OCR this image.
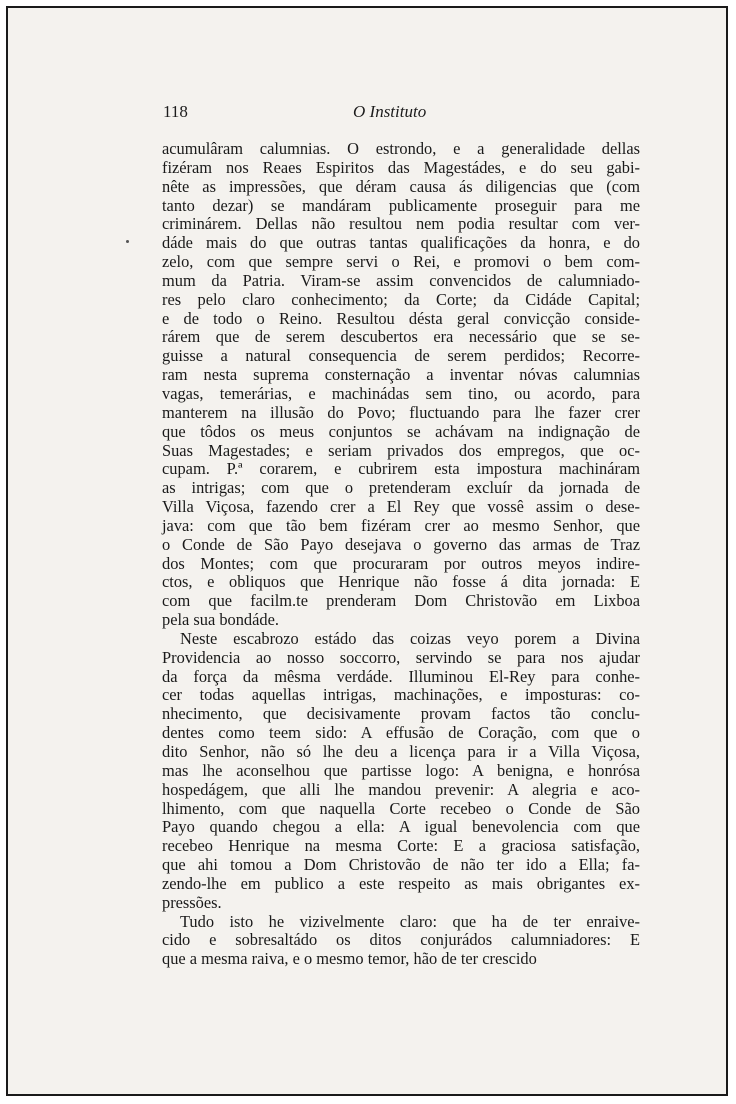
118	O Instituto
acumulâram calumnias. O estrondo, e a generalidade dellas
fizéram nos Reaes Espiritos das Magestádes, e do seu gabi-
nête as impressões, que déram causa ás diligencias que (com
tanto dezar) se mandáram publicamente proseguir para me
criminárem. Dellas não resultou nem podia resultar com ver-
dáde mais do que outras tantas qualificações da honra, e do
zelo, com que sempre servi o Rei, e promovi o bem com-
mum da Patria. Viram-se assim convencidos de calumniado-
res pelo claro conhecimento; da Corte; da Cidáde Capital;
e de todo o Reino. Resultou désta geral convicção conside-
rárem que de serem descubertos era necessário que se se-
guisse a natural consequencia de serem perdidos; Recorre-
ram nesta suprema consternação a inventar nóvas calumnias
vagas, temerárias, e machinádas sem tino, ou acordo, para
manterem na illusão do Povo; fluctuando para lhe fazer crer
que tôdos os meus conjuntos se achávam na indignação de
Suas Magestades; e seriam privados dos empregos, que oc-
cupam. P.ª corarem, e cubrirem esta impostura machináram
as intrigas; com que o pretenderam excluír da jornada de
Villa Viçosa, fazendo crer a El Rey que vossê assim o dese-
java: com que tão bem fizéram crer ao mesmo Senhor, que
o Conde de São Payo desejava o governo das armas de Traz
dos Montes; com que procuraram por outros meyos indire-
ctos, e obliquos que Henrique não fosse á dita jornada: E
com que facilm.te prenderam Dom Christovão em Lixboa
pela sua bondáde.
Neste escabrozo estádo das coizas veyo porem a Divina
Providencia ao nosso soccorro, servindo se para nos ajudar
da força da mêsma verdáde. Illuminou El-Rey para conhe-
cer todas aquellas intrigas, machinações, e imposturas: co-
nhecimento, que decisivamente provam factos tão conclu-
dentes como teem sido: A effusão de Coração, com que o
dito Senhor, não só lhe deu a licença para ir a Villa Viçosa,
mas lhe aconselhou que partisse logo: A benigna, e honrósa
hospedágem, que alli lhe mandou prevenir: A alegria e aco-
lhimento, com que naquella Corte recebeo o Conde de São
Payo quando chegou a ella: A igual benevolencia com que
recebeo Henrique na mesma Corte: E a graciosa satisfação,
que ahi tomou a Dom Christovão de não ter ido a Ella; fa-
zendo-lhe em publico a este respeito as mais obrigantes ex-
pressões.
Tudo isto he vizivelmente claro: que ha de ter enraive-
cido e sobresaltádo os ditos conjurádos calumniadores: E
que a mesma raiva, e o mesmo temor, hão de ter crescido
